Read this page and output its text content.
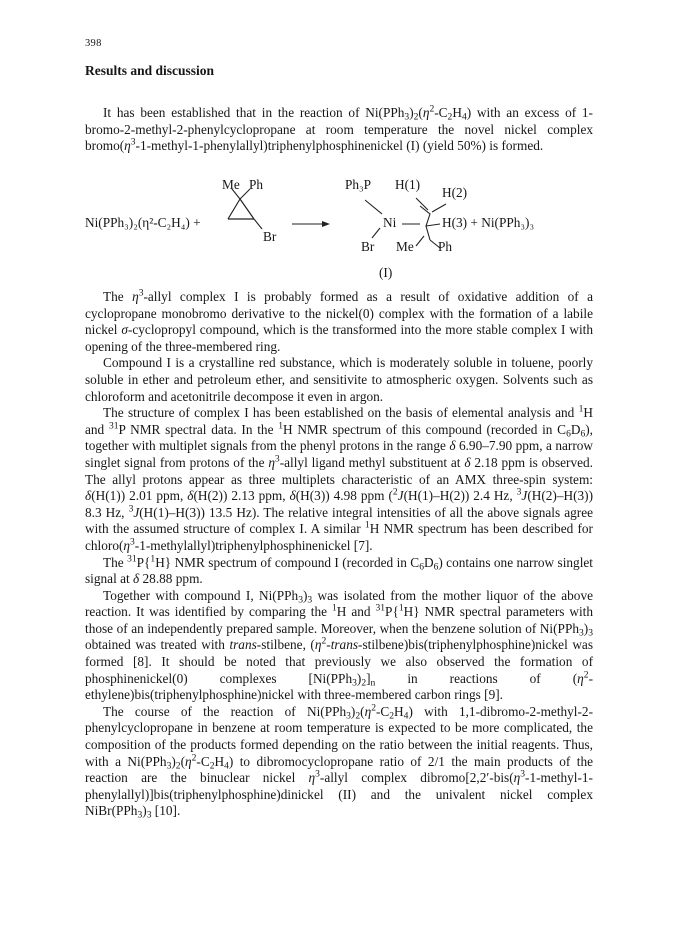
398
Results and discussion

It has been established that in the reaction of $Ni(PPh_3)_2(\eta^2-C_2H_4)$ with an excess of 1-bromo-2-methyl-2-phenylcyclopropane at room temperature the novel nickel complex $bromo(\eta^3-1-methyl-1-phenylallyl)triphenylphosphinenickel$ (I) (yield 50%) is formed.

Ni(PPh₃)₂(η²-C₂H₄) +
Me Ph
Br
Ph₃P H(1)
H(2)
Ni	H(3) + Ni(PPh₃)₃
Br Me Ph
(I)

The $\eta^3$-allyl complex I is probably formed as a result of oxidative addition of a cyclopropane monobromo derivative to the nickel(0) complex with the formation of a labile nickel σ-cyclopropyl compound, which is the transformed into the more stable complex I with opening of the three-membered ring.

Compound I is a crystalline red substance, which is moderately soluble in toluene, poorly soluble in ether and petroleum ether, and sensitivite to atmospheric oxygen. Solvents such as chloroform and acetonitrile decompose it even in argon.

The structure of complex I has been established on the basis of elemental analysis and $^1$H and $^{31}$P NMR spectral data. In the $^1$H NMR spectrum of this compound (recorded in $C_6D_6$), together with multiplet signals from the phenyl protons in the range δ 6.90–7.90 ppm, a narrow singlet signal from protons of the $\eta^3$-allyl ligand methyl substituent at δ 2.18 ppm is observed. The allyl protons appear as three multiplets characteristic of an AMX three-spin system: δ(H(1)) 2.01 ppm, δ(H(2)) 2.13 ppm, δ(H(3)) 4.98 ppm ($^2$J(H(1)–H(2)) 2.4 Hz, $^3$J(H(2)–H(3)) 8.3 Hz, $^3$J(H(1)–H(3)) 13.5 Hz). The relative integral intensities of all the above signals agree with the assumed structure of complex I. A similar $^1$H NMR spectrum has been described for $chloro(\eta^3-1-methylallyl)triphenylphosphinenickel$ [7].

The $^{31}$P{$^1$H} NMR spectrum of compound I (recorded in $C_6D_6$) contains one narrow singlet signal at δ 28.88 ppm.

Together with compound I, $Ni(PPh_3)_3$ was isolated from the mother liquor of the above reaction. It was identified by comparing the $^1$H and $^{31}$P{$^1$H} NMR spectral parameters with those of an independently prepared sample. Moreover, when the benzene solution of $Ni(PPh_3)_3$ obtained was treated with trans-stilbene, $(\eta^2-trans-stilbene)bis(triphenylphosphine)nickel$ was formed [8]. It should be noted that previously we also observed the formation of phosphinenickel(0) complexes $[Ni(PPh_3)_2]_n$ in reactions of $(\eta^2-ethylene)bis(triphenylphosphine)nickel$ with three-membered carbon rings [9].

The course of the reaction of $Ni(PPh_3)_2(\eta^2-C_2H_4)$ with 1,1-dibromo-2-methyl-2-phenylcyclopropane in benzene at room temperature is expected to be more complicated, the composition of the products formed depending on the ratio between the initial reagents. Thus, with a $Ni(PPh_3)_2(\eta^2-C_2H_4)$ to dibromocyclopropane ratio of 2/1 the main products of the reaction are the binuclear nickel $\eta^3$-allyl complex $dibromo[2,2'-bis(\eta^3-1-methyl-1-phenylallyl)]bis(triphenylphosphine)dinickel$ (II) and the univalent nickel complex $NiBr(PPh_3)_3$ [10].
